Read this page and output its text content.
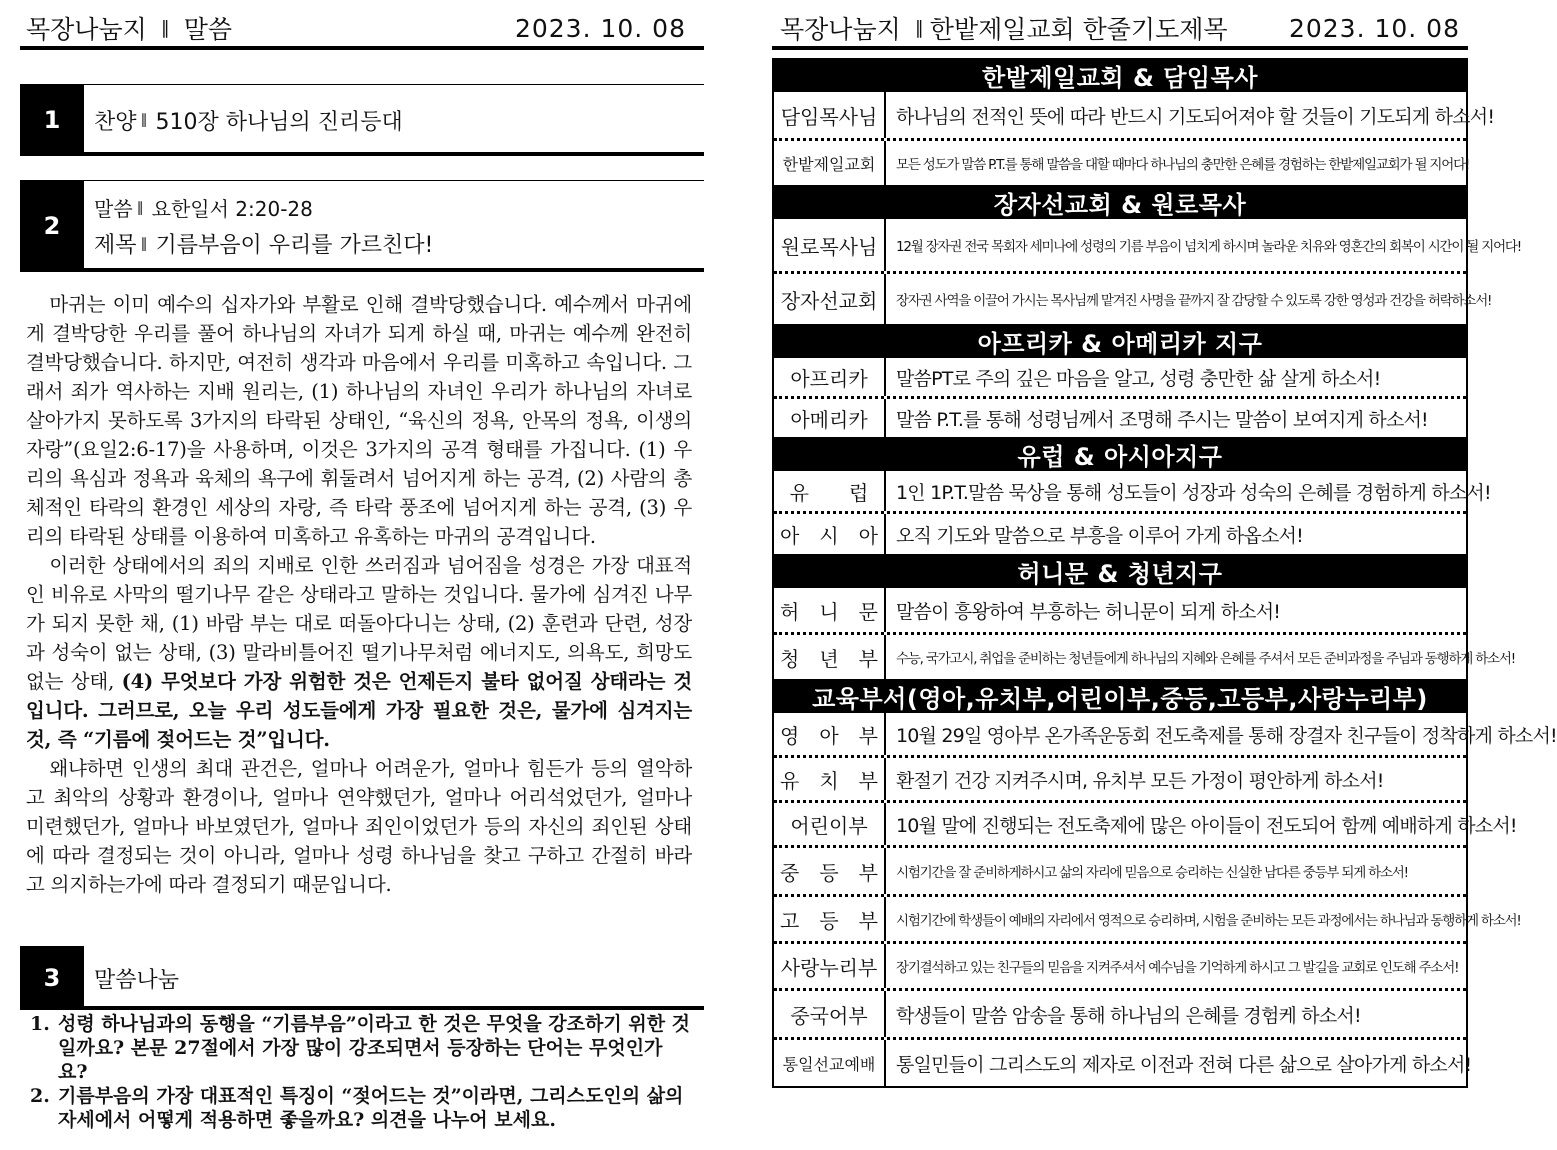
목장나눔지 ∥ 말씀	2023. 10. 08
1	찬양 ∥ 510장 하나님의 진리등대
2
말씀 ∥ 요한일서 2:20-28
제목 ∥ 기름부음이 우리를 가르친다!

마귀는 이미 예수의 십자가와 부활로 인해 결박당했습니다. 예수께서 마귀에게 결박당한 우리를 풀어 하나님의 자녀가 되게 하실 때, 마귀는 예수께 완전히 결박당했습니다. 하지만, 여전히 생각과 마음에서 우리를 미혹하고 속입니다. 그래서 죄가 역사하는 지배 원리는, (1) 하나님의 자녀인 우리가 하나님의 자녀로 살아가지 못하도록 3가지의 타락된 상태인, “육신의 정욕, 안목의 정욕, 이생의 자랑”(요일2:6-17)을 사용하며, 이것은 3가지의 공격 형태를 가집니다. (1) 우리의 욕심과 정욕과 육체의 욕구에 휘둘려서 넘어지게 하는 공격, (2) 사람의 총체적인 타락의 환경인 세상의 자랑, 즉 타락 풍조에 넘어지게 하는 공격, (3) 우리의 타락된 상태를 이용하여 미혹하고 유혹하는 마귀의 공격입니다.

이러한 상태에서의 죄의 지배로 인한 쓰러짐과 넘어짐을 성경은 가장 대표적인 비유로 사막의 떨기나무 같은 상태라고 말하는 것입니다. 물가에 심겨진 나무가 되지 못한 채, (1) 바람 부는 대로 떠돌아다니는 상태, (2) 훈련과 단련, 성장과 성숙이 없는 상태, (3) 말라비틀어진 떨기나무처럼 에너지도, 의욕도, 희망도 없는 상태, (4) 무엇보다 가장 위험한 것은 언제든지 불타 없어질 상태라는 것입니다. 그러므로, 오늘 우리 성도들에게 가장 필요한 것은, 물가에 심겨지는 것, 즉 “기름에 젖어드는 것”입니다.

왜냐하면 인생의 최대 관건은, 얼마나 어려운가, 얼마나 힘든가 등의 열악하고 최악의 상황과 환경이나, 얼마나 연약했던가, 얼마나 어리석었던가, 얼마나 미련했던가, 얼마나 바보였던가, 얼마나 죄인이었던가 등의 자신의 죄인된 상태에 따라 결정되는 것이 아니라, 얼마나 성령 하나님을 찾고 구하고 간절히 바라고 의지하는가에 따라 결정되기 때문입니다.

3	말씀나눔
1. 성령 하나님과의 동행을 “기름부음”이라고 한 것은 무엇을 강조하기 위한 것일까요? 본문 27절에서 가장 많이 강조되면서 등장하는 단어는 무엇인가요?
2. 기름부음의 가장 대표적인 특징이 “젖어드는 것”이라면, 그리스도인의 삶의 자세에서 어떻게 적용하면 좋을까요? 의견을 나누어 보세요.
목장나눔지 ∥ 한밭제일교회 한줄기도제목 2023. 10. 08
한밭제일교회 & 담임목사
담임목사님 하나님의 전적인 뜻에 따라 반드시 기도되어져야 할 것들이 기도되게 하소서!
한밭제일교회	모든 성도가 말씀 P.T.를 통해 말씀을 대할 때마다 하나님의 충만한 은혜를 경험하는 한밭제일교회가 될 지어다!
장자선교회 & 원로목사
원로목사님	12월 장자권 전국 목회자 세미나에 성령의 기름 부음이 넘치게 하시며 놀라운 치유와 영혼간의 회복이 시간이 될 지어다!
장자선교회	장자권 사역을 이끌어 가시는 목사님께 맡겨진 사명을 끝까지 잘 감당할 수 있도록 강한 영성과 건강을 허락하소서!
아프리카 & 아메리카 지구
아프리카	말씀PT로 주의 깊은 마음을 알고, 성령 충만한 삶 살게 하소서!
아메리카	말씀 P.T.를 통해 성령님께서 조명해 주시는 말씀이 보여지게 하소서!
유럽 & 아시아지구
유　　럽	1인 1P.T.말씀 묵상을 통해 성도들이 성장과 성숙의 은혜를 경험하게 하소서!
아　시　아 오직 기도와 말씀으로 부흥을 이루어 가게 하옵소서!
허니문 & 청년지구
허　니　문 말씀이 흥왕하여 부흥하는 허니문이 되게 하소서!
청　년　부	수능, 국가고시, 취업을 준비하는 청년들에게 하나님의 지혜와 은혜를 주셔서 모든 준비과정을 주님과 동행하게 하소서!
교육부서(영아,유치부,어린이부,중등,고등부,사랑누리부)
영　아　부 10월 29일 영아부 온가족운동회 전도축제를 통해 장결자 친구들이 정착하게 하소서!
유　치　부 환절기 건강 지켜주시며, 유치부 모든 가정이 평안하게 하소서!
어린이부	10월 말에 진행되는 전도축제에 많은 아이들이 전도되어 함께 예배하게 하소서!
중　등　부	시험기간을 잘 준비하게하시고 삶의 자리에 믿음으로 승리하는 신실한 남다른 중등부 되게 하소서!
고　등　부	시험기간에 학생들이 예배의 자리에서 영적으로 승리하며, 시험을 준비하는 모든 과정에서는 하나님과 동행하게 하소서!
사랑누리부	장기결석하고 있는 친구들의 믿음을 지켜주셔서 예수님을 기억하게 하시고 그 발길을 교회로 인도해 주소서!
중국어부	학생들이 말씀 암송을 통해 하나님의 은혜를 경험케 하소서!
통일선교예배	통일민들이 그리스도의 제자로 이전과 전혀 다른 삶으로 살아가게 하소서!
